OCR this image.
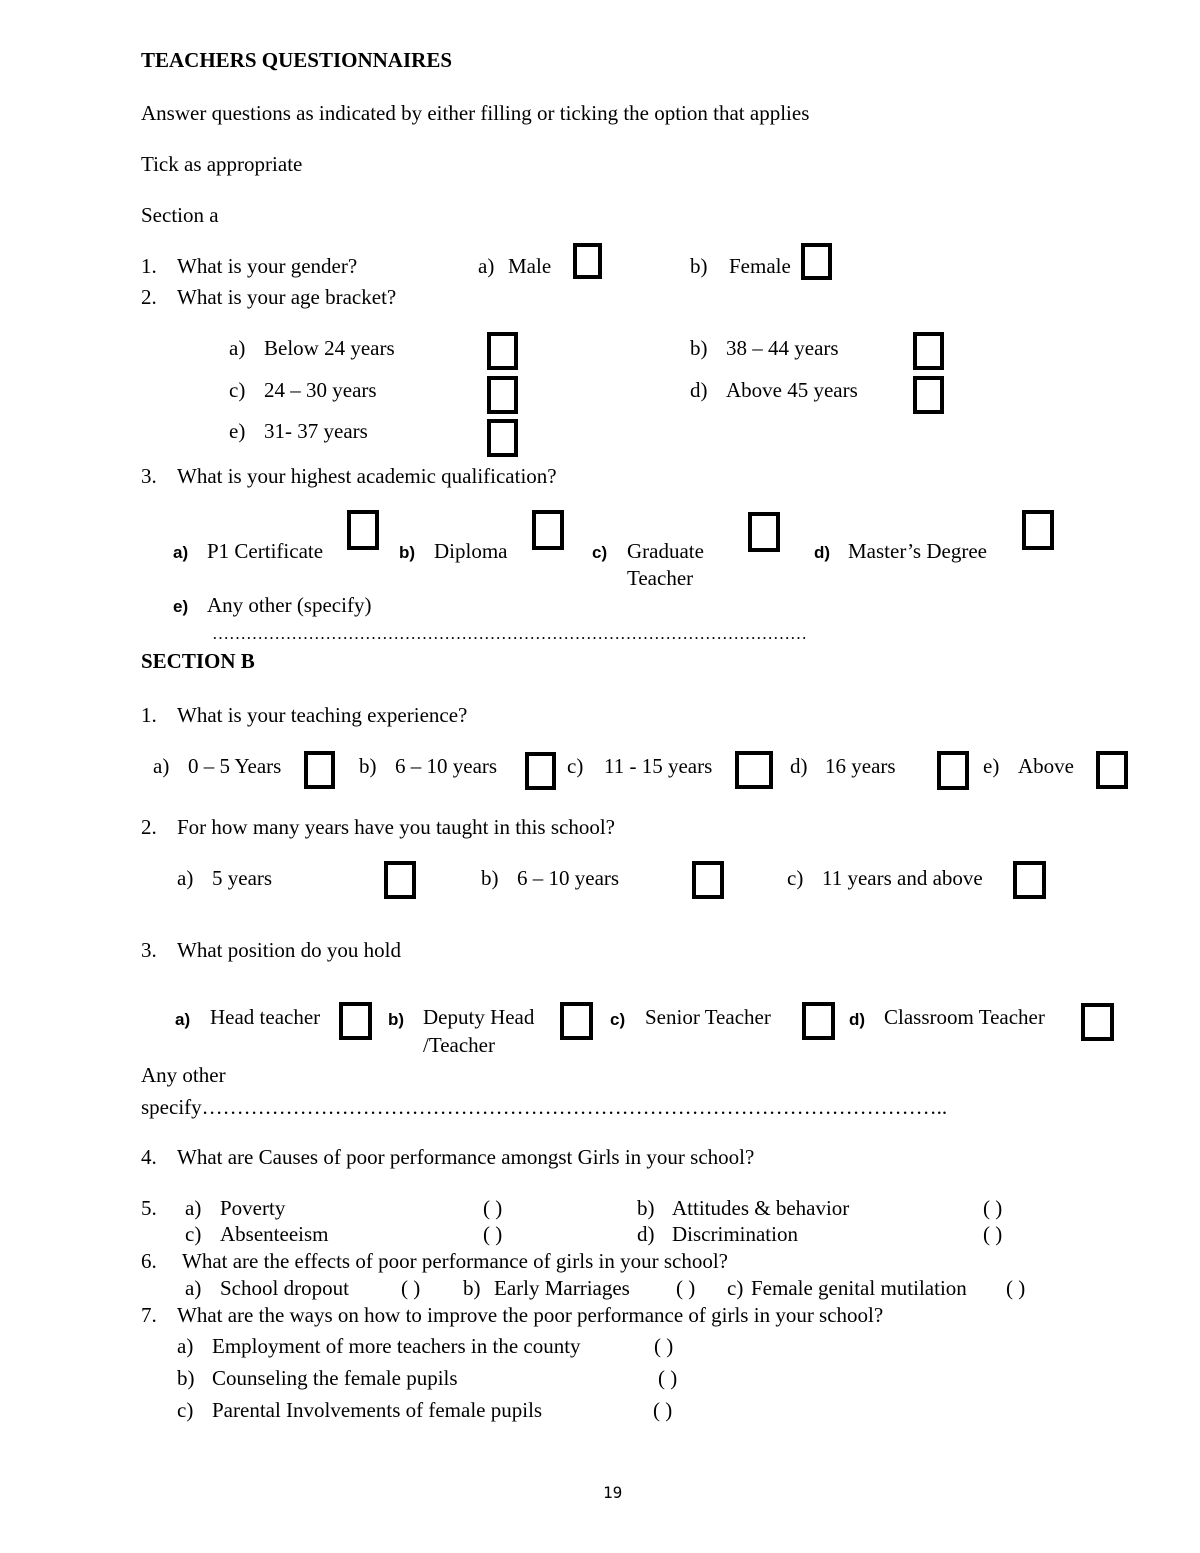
TEACHERS QUESTIONNAIRES
Answer questions as indicated by either filling or ticking the option that applies
Tick as appropriate
Section a
1. What is your gender?	a) Male	b) Female
2. What is your age bracket?
a) Below 24 years	b) 38 – 44 years
c) 24 – 30 years	d) Above 45 years
e) 31- 37 years
3. What is your highest academic qualification?
a) P1 Certificate	b) Diploma	c) Graduate
Teacher
d) Master’s Degree
e) Any other (specify)
……………………………………………………………………………………………
SECTION B
1. What is your teaching experience?
a) 0 – 5 Years	b) 6 – 10 years	c) 11 - 15 years	d) 16 years	e) Above
2. For how many years have you taught in this school?
a) 5 years	b) 6 – 10 years	c) 11 years and above
3. What position do you hold
a) Head teacher	b) Deputy Head
/Teacher
c) Senior Teacher	d) Classroom Teacher
Any other
specify……………………………………………………………………………………………..
4. What are Causes of poor performance amongst Girls in your school?
5. a) Poverty	( )	b) Attitudes & behavior	( )
c) Absenteeism	( )	d) Discrimination	( )
6. What are the effects of poor performance of girls in your school?
a) School dropout ( ) b) Early Marriages ( ) c) Female genital mutilation ( )
7. What are the ways on how to improve the poor performance of girls in your school?
a) Employment of more teachers in the county	( )
b) Counseling the female pupils	( )
c) Parental Involvements of female pupils	( )
19
